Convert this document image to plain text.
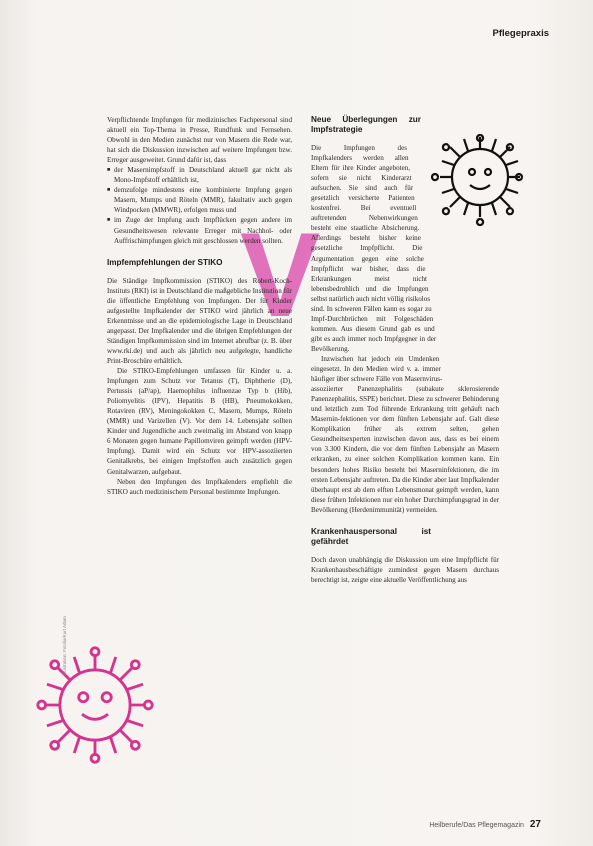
Pflegepraxis
V
Illustration: Fotolia/Kurt Adam

Verpflichtende Impfungen für medizinisches Fachpersonal sind aktuell ein Top-Thema in Presse, Rundfunk und Fernsehen. Obwohl in den Medien zunächst nur von Masern die Rede war, hat sich die Diskussion inzwischen auf weitere Impfungen bzw. Erreger ausgeweitet. Grund dafür ist, dass

■ der Masernimpfstoff in Deutschland aktuell gar nicht als Mono-Impfstoff erhältlich ist,
■ demzufolge mindestens eine kombinierte Impfung gegen Masern, Mumps und Röteln (MMR), fakultativ auch gegen Windpocken (MMWR), erfolgen muss und
■ im Zuge der Impfung auch Impflücken gegen andere im Gesundheitswesen relevante Erreger mit Nachhol- oder Auffrischimpfungen gleich mit geschlossen werden sollten.
Impfempfehlungen der STIKO

Die Ständige Impfkommission (STIKO) des Robert-Koch-Instituts (RKI) ist in Deutschland die maßgebliche Institution für die öffentliche Empfehlung von Impfungen. Der für Kinder aufgestellte Impfkalender der STIKO wird jährlich an neue Erkenntnisse und an die epidemiologische Lage in Deutschland angepasst. Der Impfkalender und die übrigen Empfehlungen der Ständigen Impfkommission sind im Internet abrufbar (z. B. über www.rki.de) und auch als jährlich neu aufgelegte, handliche Print-Broschüre erhältlich.

Die STIKO-Empfehlungen umfassen für Kinder u. a. Impfungen zum Schutz vor Tetanus (T), Diphtherie (D), Pertussis (aP/ap), Haemophilus influenzae Typ b (Hib), Poliomyelitis (IPV), Hepatitis B (HB), Pneumokokken, Rotaviren (RV), Meningokokken C, Masern, Mumps, Röteln (MMR) und Varizellen (V). Vor dem 14. Lebensjahr sollten Kinder und Jugendliche auch zweimalig im Abstand von knapp 6 Monaten gegen humane Papillomviren geimpft werden (HPV-Impfung). Damit wird ein Schutz vor HPV-assoziierten Genitalkrebs, bei einigen Impfstoffen auch zusätzlich gegen Genitalwarzen, aufgebaut.

Neben den Impfungen des Impfkalenders empfiehlt die STIKO auch medizinischem Personal bestimmte Impfungen.

Neue Überlegungen zur Impfstrategie

Die Impfungen des Impfkalenders werden allen Eltern für ihre Kinder angeboten, sofern sie nicht Kinderarzt aufsuchen. Sie sind auch für gesetzlich versicherte Patienten kostenfrei. Bei eventuell auftretenden Nebenwirkungen besteht eine staatliche Absicherung. Allerdings besteht bisher keine gesetzliche Impfpflicht. Die Argumentation gegen eine solche Impfpflicht war bisher, dass die Erkrankungen meist nicht lebensbedrohlich und die Impfungen selbst natürlich auch nicht völlig risikolos sind. In schweren Fällen kann es sogar zu Impf-Durchbrüchen mit Folgeschäden kommen. Aus diesem Grund gab es und gibt es auch immer noch Impfgegner in der Bevölkerung.

Inzwischen hat jedoch ein Umdenken eingesetzt. In den Medien wird v. a. immer häufiger über schwere Fälle von Masernvirus-assoziierter Panenzephalitis (subakute sklerosierende Panenzephalitis, SSPE) berichtet. Diese zu schwerer Behinderung und letztlich zum Tod führende Erkrankung tritt gehäuft nach Masernin-fektionen vor dem fünften Lebensjahr auf. Galt diese Komplikation früher als extrem selten, gehen Gesundheitsexperten inzwischen davon aus, dass es bei einem von 3.300 Kindern, die vor dem fünften Lebensjahr an Masern erkranken, zu einer solchen Komplikation kommen kann. Ein besonders hohes Risiko besteht bei Maserninfektionen, die im ersten Lebensjahr auftreten. Da die Kinder aber laut Impfkalender überhaupt erst ab dem elften Lebensmonat geimpft werden, kann diese frühen Infektionen nur ein hoher Durchimpfungsgrad in der Bevölkerung (Herdenimmunität) vermeiden.

Krankenhauspersonal ist gefährdet

Doch davon unabhängig die Diskussion um eine Impfpflicht für Krankenhausbeschäftigte zumindest gegen Masern durchaus berechtigt ist, zeigte eine aktuelle Veröffentlichung aus

Heilberufe/Das Pflegemagazin 27
